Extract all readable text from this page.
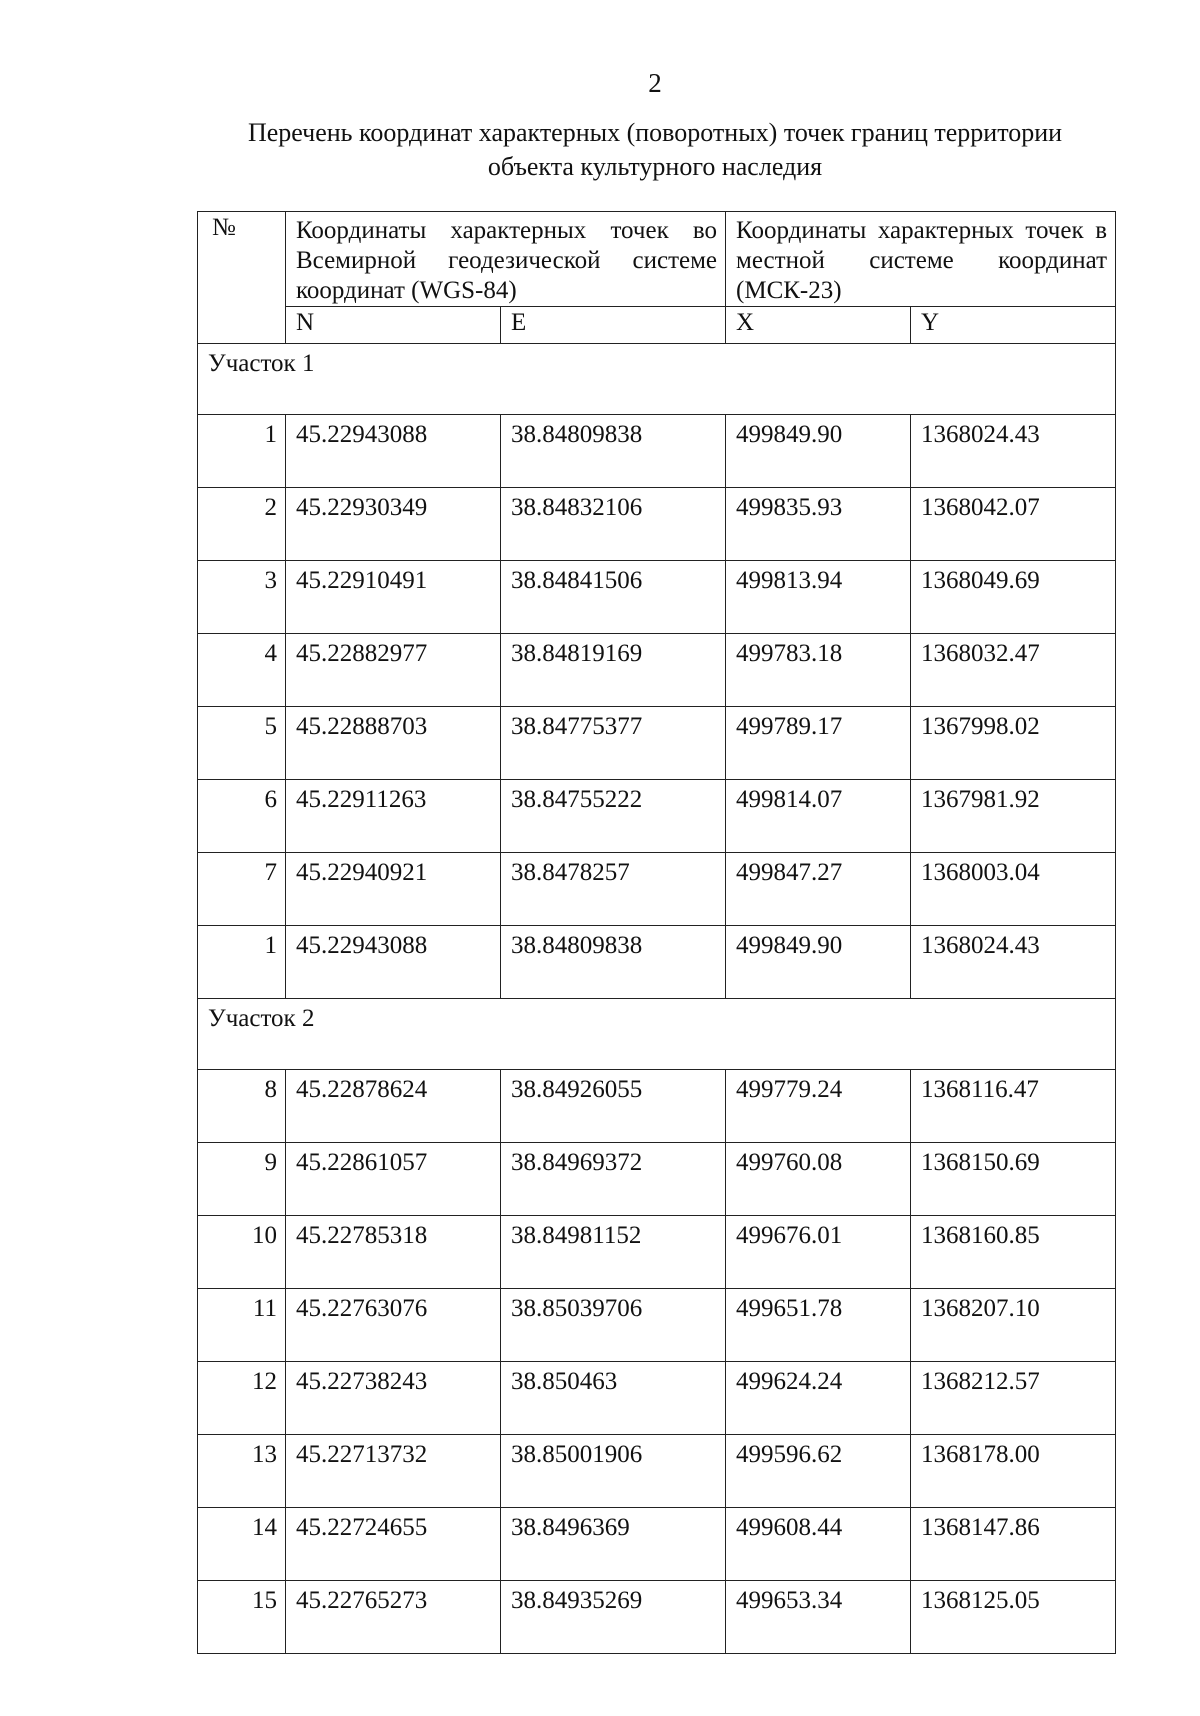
2
Перечень координат характерных (поворотных) точек границ территории
объекта культурного наследия
№	Координаты характерных точек во Всемирной геодезической системе координат (WGS-84)		Координаты характерных точек в местной системе координат (МСК-23)	
	N	E	X	Y
Участок 1				
1	45.22943088	38.84809838	499849.90	1368024.43
2	45.22930349	38.84832106	499835.93	1368042.07
3	45.22910491	38.84841506	499813.94	1368049.69
4	45.22882977	38.84819169	499783.18	1368032.47
5	45.22888703	38.84775377	499789.17	1367998.02
6	45.22911263	38.84755222	499814.07	1367981.92
7	45.22940921	38.8478257	499847.27	1368003.04
1	45.22943088	38.84809838	499849.90	1368024.43
Участок 2				
8	45.22878624	38.84926055	499779.24	1368116.47
9	45.22861057	38.84969372	499760.08	1368150.69
10	45.22785318	38.84981152	499676.01	1368160.85
11	45.22763076	38.85039706	499651.78	1368207.10
12	45.22738243	38.850463	499624.24	1368212.57
13	45.22713732	38.85001906	499596.62	1368178.00
14	45.22724655	38.8496369	499608.44	1368147.86
15	45.22765273	38.84935269	499653.34	1368125.05
